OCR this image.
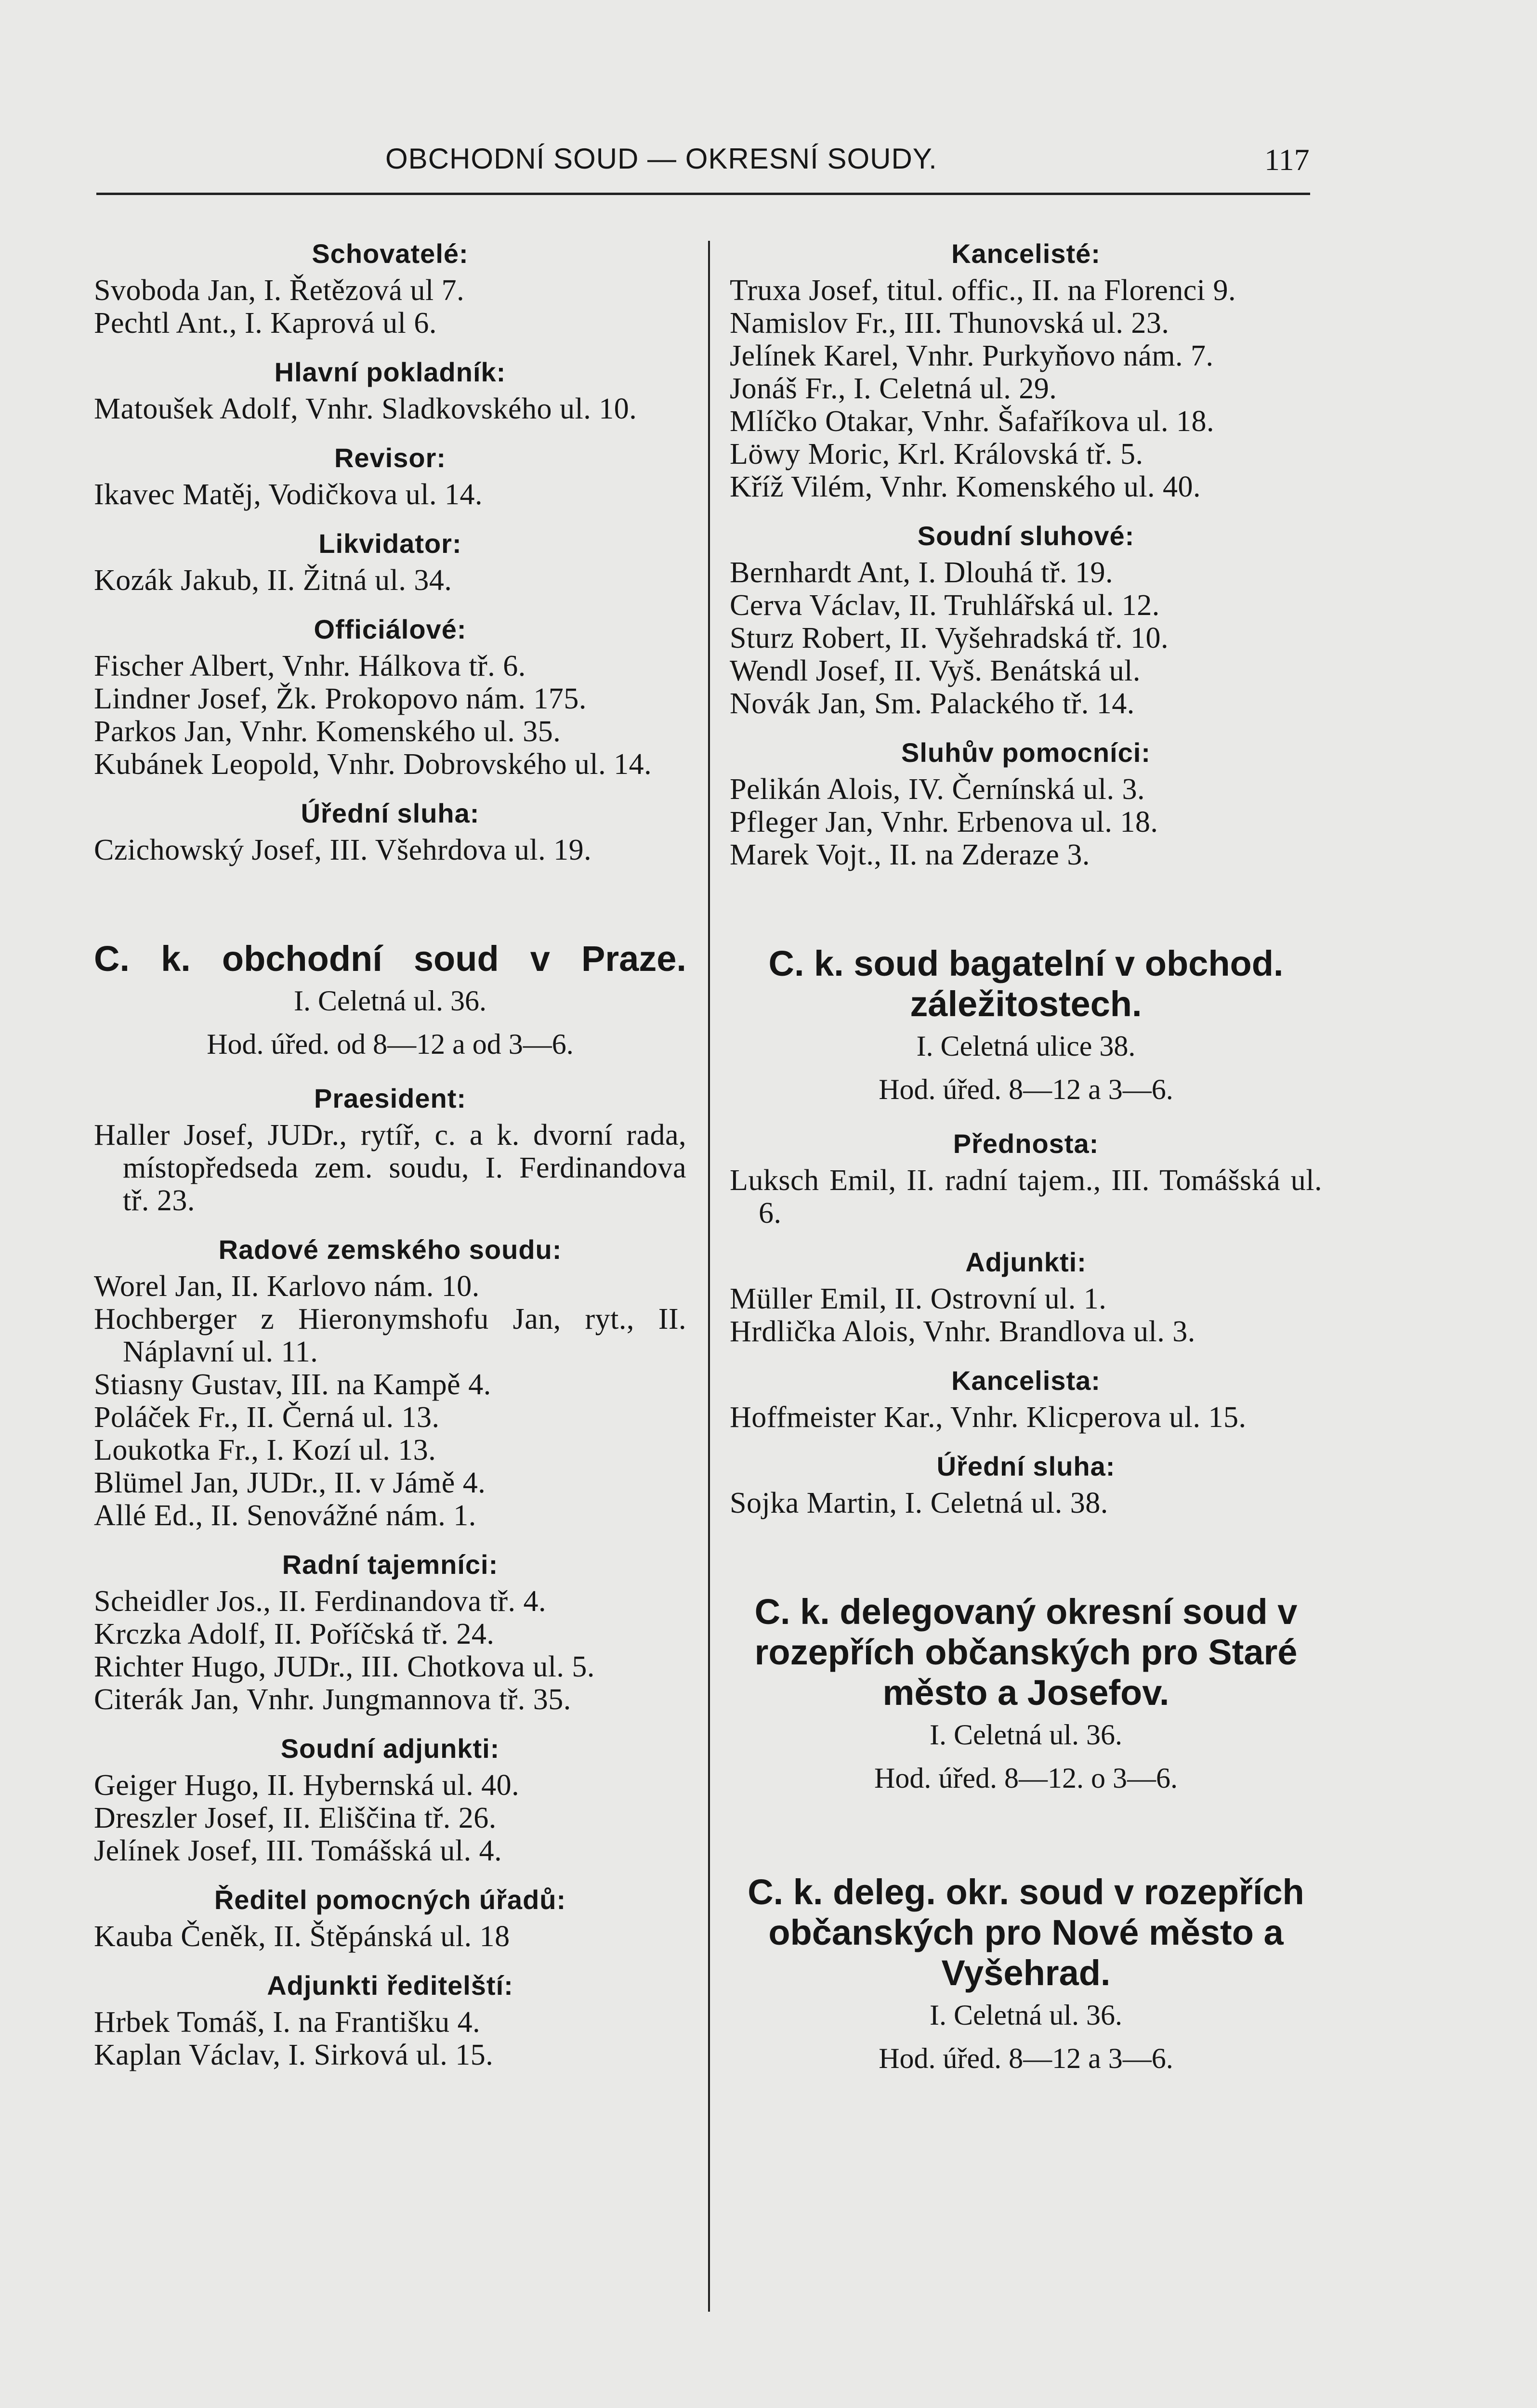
OBCHODNÍ SOUD — OKRESNÍ SOUDY.	117
Schovatelé:
Svoboda Jan, I. Řetězová ul 7.
Pechtl Ant., I. Kaprová ul 6.
Hlavní pokladník:
Matoušek Adolf, Vnhr. Sladkovského ul. 10.
Revisor:
Ikavec Matěj, Vodičkova ul. 14.
Likvidator:
Kozák Jakub, II. Žitná ul. 34.
Officiálové:
Fischer Albert, Vnhr. Hálkova tř. 6.
Lindner Josef, Žk. Prokopovo nám. 175.
Parkos Jan, Vnhr. Komenského ul. 35.
Kubánek Leopold, Vnhr. Dobrovského ul. 14.
Úřední sluha:
Czichowský Josef, III. Všehrdova ul. 19.
C. k. obchodní soud v Praze.
I. Celetná ul. 36.
Hod. úřed. od 8—12 a od 3—6.
Praesident:
Haller Josef, JUDr., rytíř, c. a k. dvorní rada, místopředseda zem. soudu, I. Ferdinandova tř. 23.
Radové zemského soudu:
Worel Jan, II. Karlovo nám. 10.
Hochberger z Hieronymshofu Jan, ryt., II. Náplavní ul. 11.
Stiasny Gustav, III. na Kampě 4.
Poláček Fr., II. Černá ul. 13.
Loukotka Fr., I. Kozí ul. 13.
Blümel Jan, JUDr., II. v Jámě 4.
Allé Ed., II. Senovážné nám. 1.
Radní tajemníci:
Scheidler Jos., II. Ferdinandova tř. 4.
Krczka Adolf, II. Poříčská tř. 24.
Richter Hugo, JUDr., III. Chotkova ul. 5.
Citerák Jan, Vnhr. Jungmannova tř. 35.
Soudní adjunkti:
Geiger Hugo, II. Hybernská ul. 40.
Dreszler Josef, II. Eliščina tř. 26.
Jelínek Josef, III. Tomášská ul. 4.
Ředitel pomocných úřadů:
Kauba Čeněk, II. Štěpánská ul. 18
Adjunkti ředitelští:
Hrbek Tomáš, I. na Františku 4.
Kaplan Václav, I. Sirková ul. 15.
Kancelisté:
Truxa Josef, titul. offic., II. na Florenci 9.
Namislov Fr., III. Thunovská ul. 23.
Jelínek Karel, Vnhr. Purkyňovo nám. 7.
Jonáš Fr., I. Celetná ul. 29.
Mlíčko Otakar, Vnhr. Šafaříkova ul. 18.
Löwy Moric, Krl. Královská tř. 5.
Kříž Vilém, Vnhr. Komenského ul. 40.
Soudní sluhové:
Bernhardt Ant, I. Dlouhá tř. 19.
Cerva Václav, II. Truhlářská ul. 12.
Sturz Robert, II. Vyšehradská tř. 10.
Wendl Josef, II. Vyš. Benátská ul.
Novák Jan, Sm. Palackého tř. 14.
Sluhův pomocníci:
Pelikán Alois, IV. Černínská ul. 3.
Pfleger Jan, Vnhr. Erbenova ul. 18.
Marek Vojt., II. na Zderaze 3.
C. k. soud bagatelní v obchod. záležitostech.
I. Celetná ulice 38.
Hod. úřed. 8—12 a 3—6.
Přednosta:
Luksch Emil, II. radní tajem., III. Tomášská ul. 6.
Adjunkti:
Müller Emil, II. Ostrovní ul. 1.
Hrdlička Alois, Vnhr. Brandlova ul. 3.
Kancelista:
Hoffmeister Kar., Vnhr. Klicperova ul. 15.
Úřední sluha:
Sojka Martin, I. Celetná ul. 38.
C. k. delegovaný okresní soud v rozepřích občanských pro Staré město a Josefov.
I. Celetná ul. 36.
Hod. úřed. 8—12. o 3—6.
C. k. deleg. okr. soud v rozepřích občanských pro Nové město a Vyšehrad.
I. Celetná ul. 36.
Hod. úřed. 8—12 a 3—6.
